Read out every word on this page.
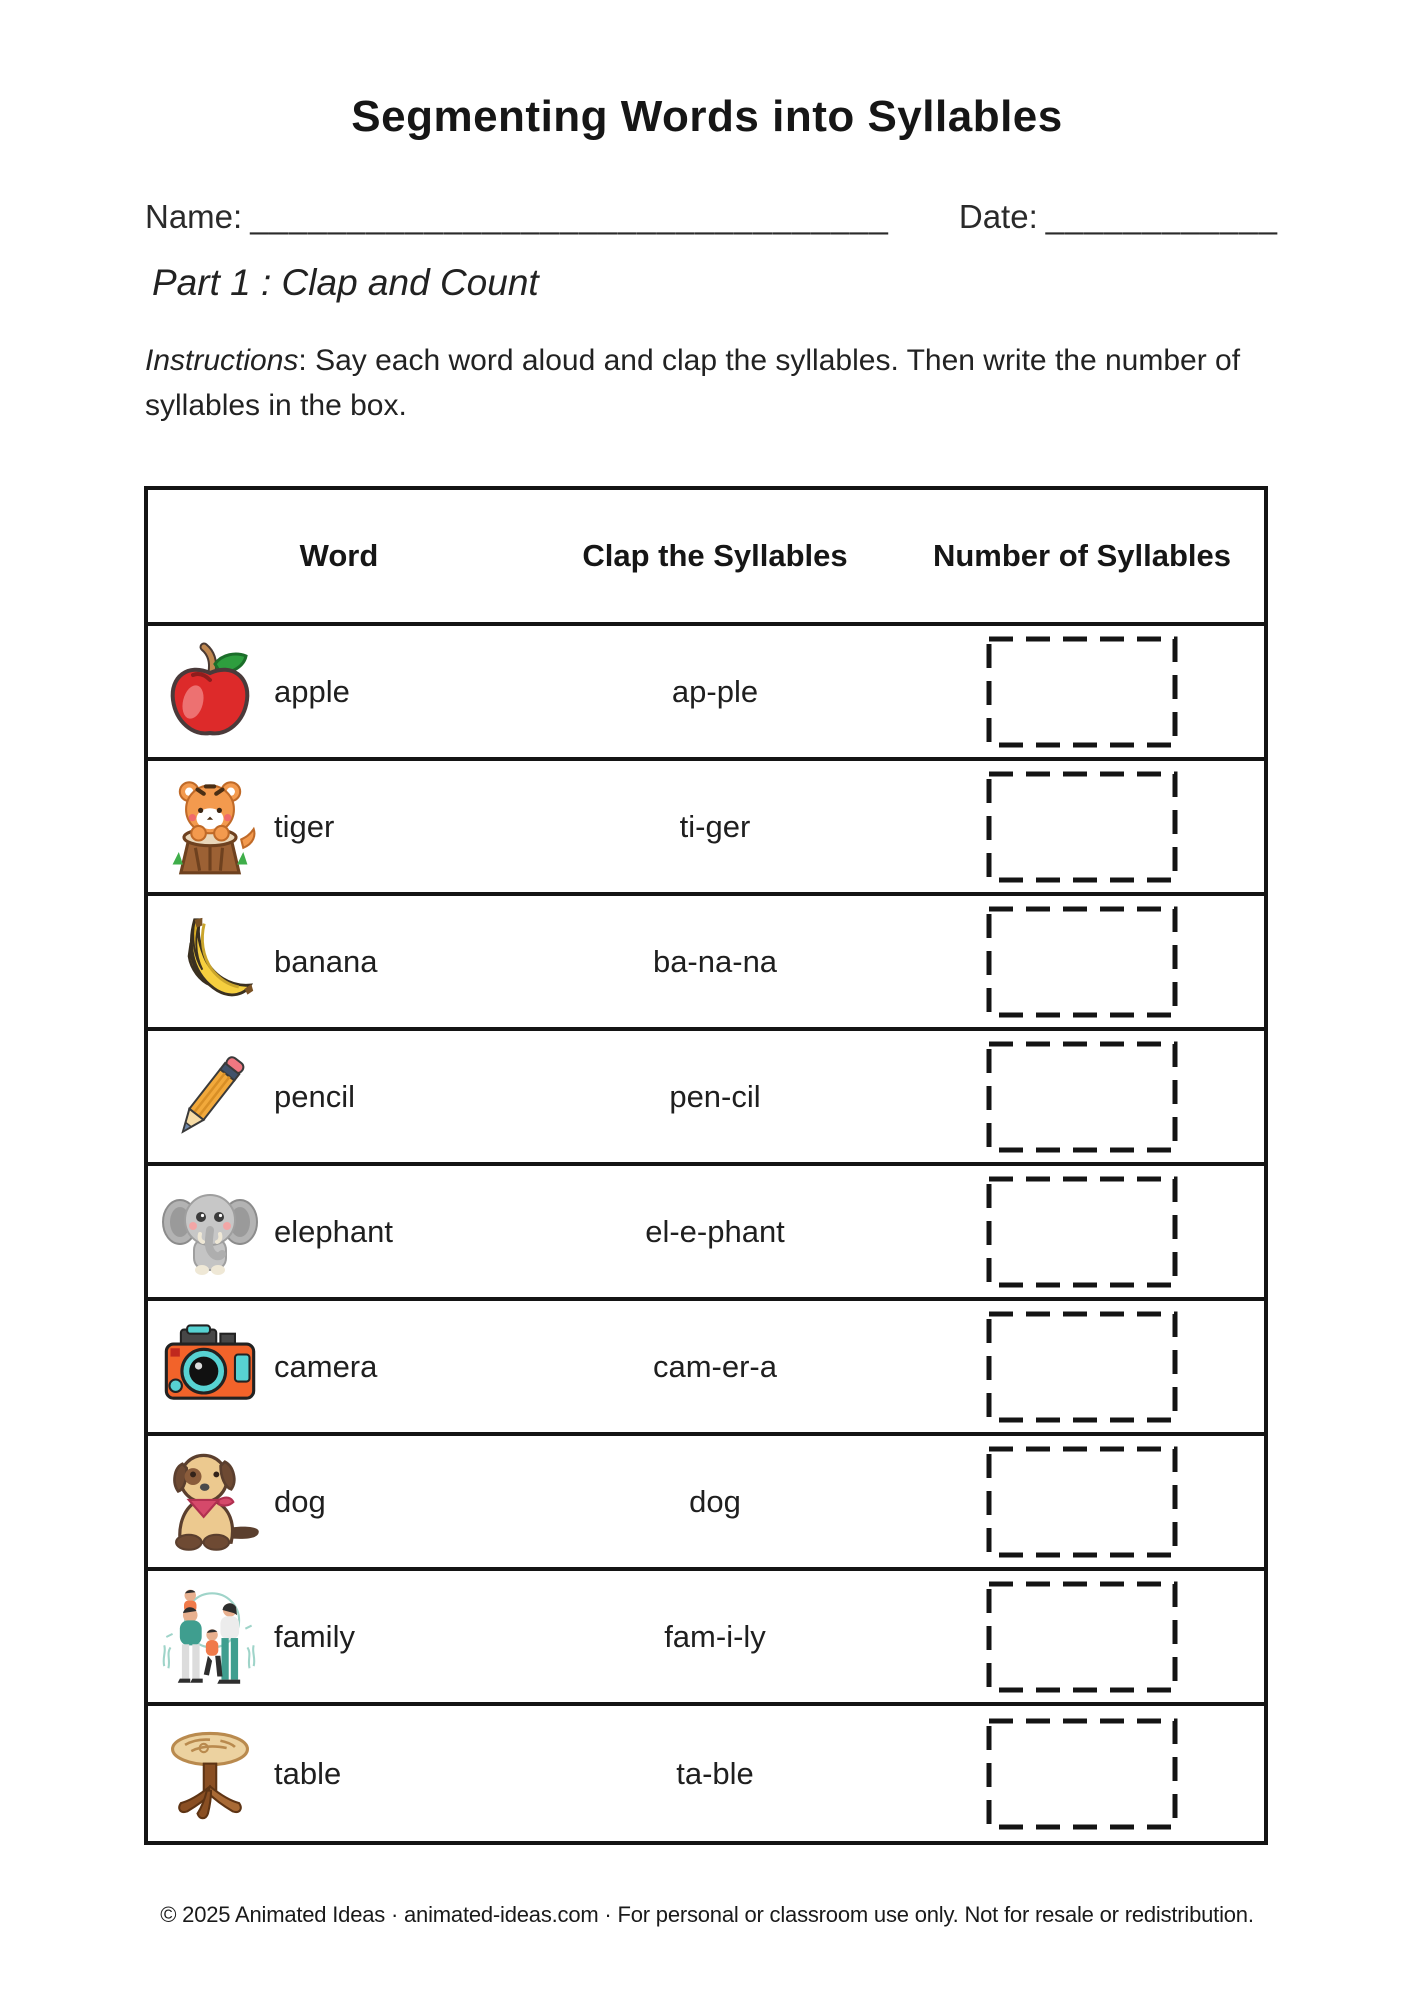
Segmenting Words into Syllables
Name: _________________________________ Date: ____________
Part 1 : Clap and Count
Instructions: Say each word aloud and clap the syllables. Then write the number of syllables in the box.
Word	Clap the Syllables	Number of Syllables
apple	ap-ple
tiger	ti-ger
banana	ba-na-na
pencil	pen-cil
elephant	el-e-phant
camera	cam-er-a
dog	dog
family	fam-i-ly
table	ta-ble
© 2025 Animated Ideas · animated-ideas.com · For personal or classroom use only. Not for resale or redistribution.
